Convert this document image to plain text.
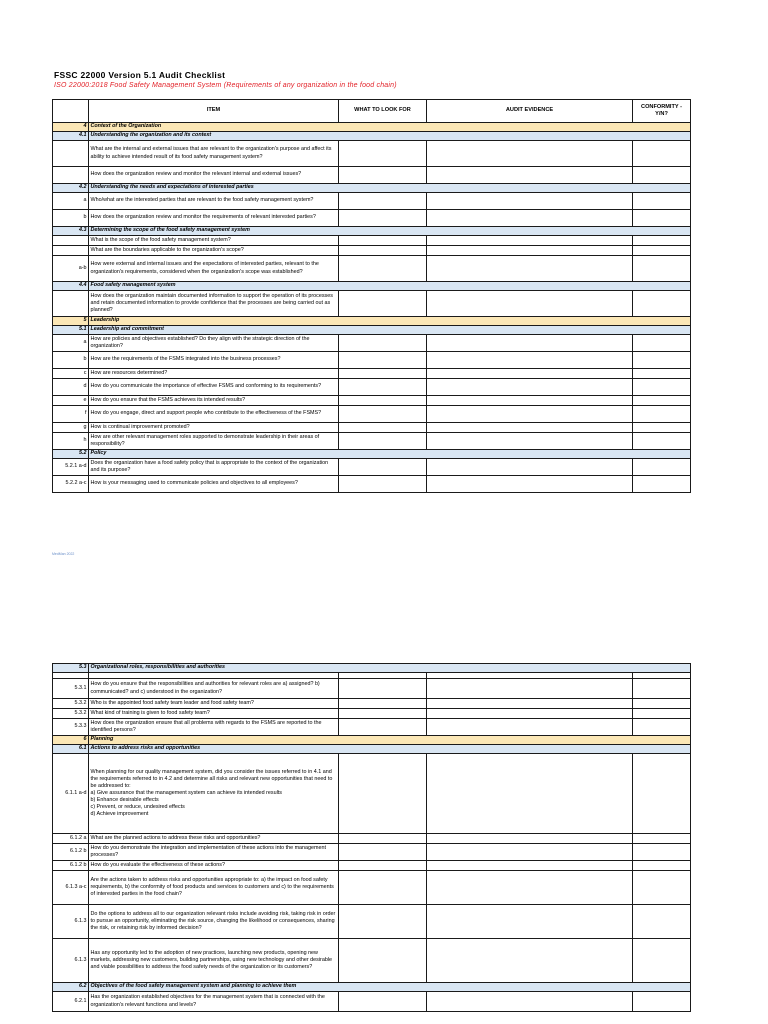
FSSC 22000 Version 5.1 Audit Checklist
ISO 22000:2018 Food Safety Management System (Requirements of any organization in the food chain)
	ITEM	WHAT TO LOOK FOR	AUDIT EVIDENCE	CONFORMITY - Y/N?
4	Context of the Organization			
4.1	Understanding the organization and its context			
	What are the internal and external issues that are relevant to the organization's purpose and affect its ability to achieve intended result of its food safety management system?			
	How does the organization review and monitor the relevant internal and external issues?			
4.2	Understanding the needs and expectations of interested parties			
a	Who/what are the interested parties that are relevant to the food safety management system?			
b	How does the organization review and monitor the requirements of relevant interested parties?			
4.3	Determining the scope of the food safety management system			
	What is the scope of the food safety management system?			
	What are the boundaries applicable to the organization's scope?			
a-b	How were external and internal issues and the expectations of interested parties, relevant to the organization's requirements, considered when the organization's scope was established?			
4.4	Food safety management system			
	How does the organization maintain documented information to support the operation of its processes and retain documented information to provide confidence that the processes are being carried out as planned?			
5	Leadership			
5.1	Leadership and commitment			
a	How are policies and objectives established? Do they align with the strategic direction of the organization?			
b	How are the requirements of the FSMS integrated into the business processes?			
c	How are resources determined?			
d	How do you communicate the importance of effective FSMS and conforming to its requirements?			
e	How do you ensure that the FSMS achieves its intended results?			
f	How do you engage, direct and support people who contribute to the effectiveness of the FSMS?			
g	How is continual improvement promoted?			
h	How are other relevant management roles supported to demonstrate leadership in their areas of responsibility?			
5.2	Policy			
5.2.1 a-d	Does the organization have a food safety policy that is appropriate to the context of the organization and its purpose?			
5.2.2 a-c	How is your messaging used to communicate policies and objectives to all employees?			
MedMan 2022
5.3	Organizational roles, responsibilities and authorities			

5.3.1	How do you ensure that the responsibilities and authorities for relevant roles are a) assigned? b) communicated? and c) understood in the organization?			
5.3.2	Who is the appointed food safety team leader and food safety team?			
5.3.2	What kind of training is given to food safety team?			
5.3.3	How does the organization ensure that all problems with regards to the FSMS are reported to the identified persons?			
6	Planning			
6.1	Actions to address risks and opportunities			
6.1.1 a-d	When planning for our quality management system, did you consider the issues referred to in 4.1 and the requirements referred to in 4.2 and determine all risks and relevant new opportunities that need to be addressed to:
a) Give assurance that the management system can achieve its intended results
b) Enhance desirable effects
c) Prevent, or reduce, undesired effects
d) Achieve improvement			
6.1.2 a	What are the planned actions to address these risks and opportunities?			
6.1.2 b	How do you demonstrate the integration and implementation of these actions into the management processes?			
6.1.2 b	How do you evaluate the effectiveness of these actions?			
6.1.3 a-c	Are the actions taken to address risks and opportunities appropriate to: a) the impact on food safety requirements, b) the conformity of food products and services to customers and c) to the requirements of interested parties in the food chain?			
6.1.3	Do the options to address all to our organization relevant risks include avoiding risk, taking risk in order to pursue an opportunity, eliminating the risk source, changing the likelihood or consequences, sharing the risk, or retaining risk by informed decision?			
6.1.3	Has any opportunity led to the adoption of new practices, launching new products, opening new markets, addressing new customers, building partnerships, using new technology and other desirable and viable possibilities to address the food safety needs of the organization or its customers?			
6.2	Objectives of the food safety management system and planning to achieve them			
6.2.1	Has the organization established objectives for the management system that is connected with the organization's relevant functions and levels?			
